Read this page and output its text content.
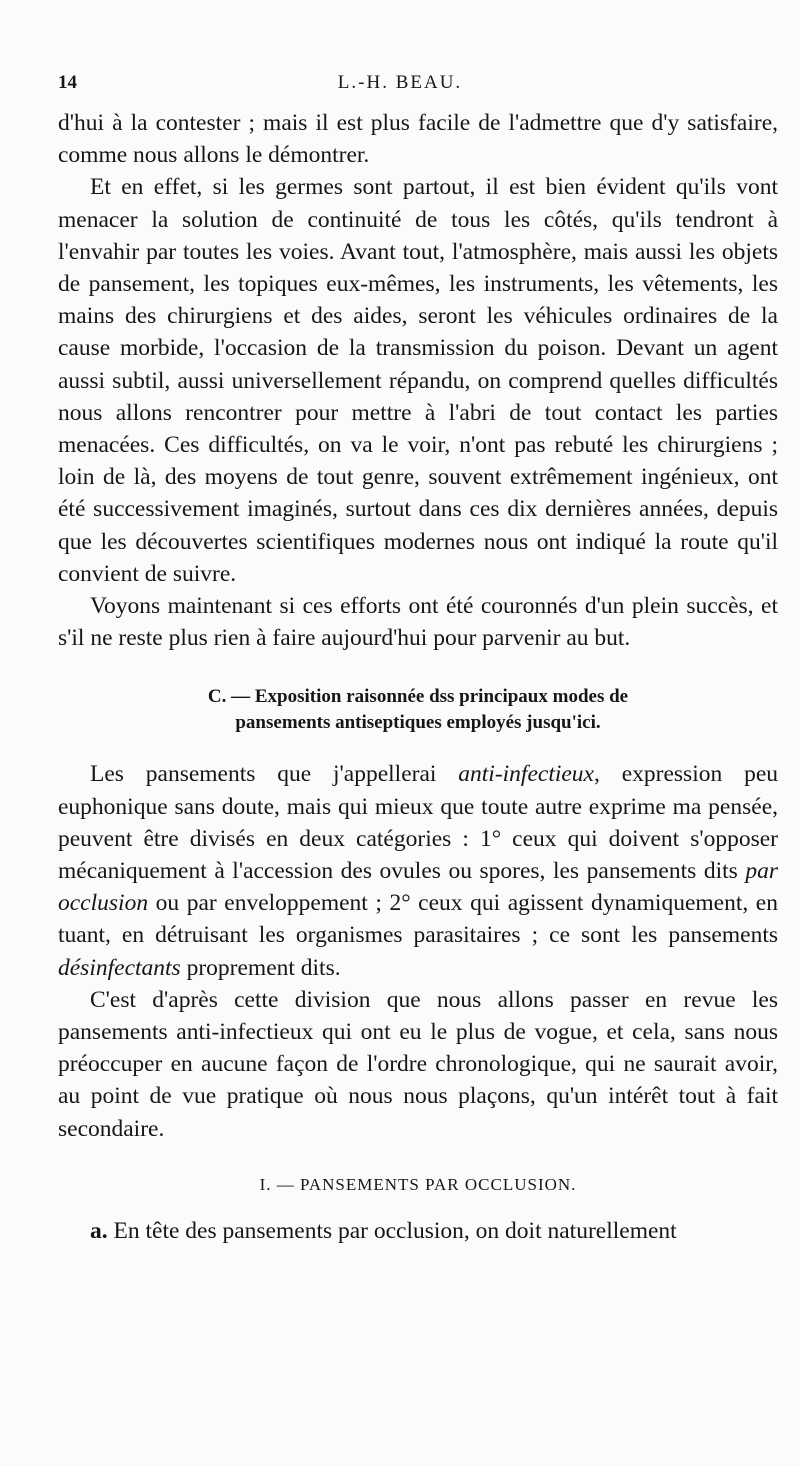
14	L.-H. BEAU.

d'hui à la contester ; mais il est plus facile de l'admettre que d'y satisfaire, comme nous allons le démontrer.

Et en effet, si les germes sont partout, il est bien évident qu'ils vont menacer la solution de continuité de tous les côtés, qu'ils tendront à l'envahir par toutes les voies. Avant tout, l'atmosphère, mais aussi les objets de pansement, les topiques eux-mêmes, les instruments, les vêtements, les mains des chirurgiens et des aides, seront les véhicules ordinaires de la cause morbide, l'occasion de la transmission du poison. Devant un agent aussi subtil, aussi universellement répandu, on comprend quelles difficultés nous allons rencontrer pour mettre à l'abri de tout contact les parties menacées. Ces difficultés, on va le voir, n'ont pas rebuté les chirurgiens ; loin de là, des moyens de tout genre, souvent extrêmement ingénieux, ont été successivement imaginés, surtout dans ces dix dernières années, depuis que les découvertes scientifiques modernes nous ont indiqué la route qu'il convient de suivre.

Voyons maintenant si ces efforts ont été couronnés d'un plein succès, et s'il ne reste plus rien à faire aujourd'hui pour parvenir au but.

C. — Exposition raisonnée dss principaux modes de
pansements antiseptiques employés jusqu'ici.

Les pansements que j'appellerai anti-infectieux, expression peu euphonique sans doute, mais qui mieux que toute autre exprime ma pensée, peuvent être divisés en deux catégories : 1° ceux qui doivent s'opposer mécaniquement à l'accession des ovules ou spores, les pansements dits par occlusion ou par enveloppement ; 2° ceux qui agissent dynamiquement, en tuant, en détruisant les organismes parasitaires ; ce sont les pansements désinfectants proprement dits.

C'est d'après cette division que nous allons passer en revue les pansements anti-infectieux qui ont eu le plus de vogue, et cela, sans nous préoccuper en aucune façon de l'ordre chronologique, qui ne saurait avoir, au point de vue pratique où nous nous plaçons, qu'un intérêt tout à fait secondaire.

I. — PANSEMENTS PAR OCCLUSION.

a. En tête des pansements par occlusion, on doit naturellement
